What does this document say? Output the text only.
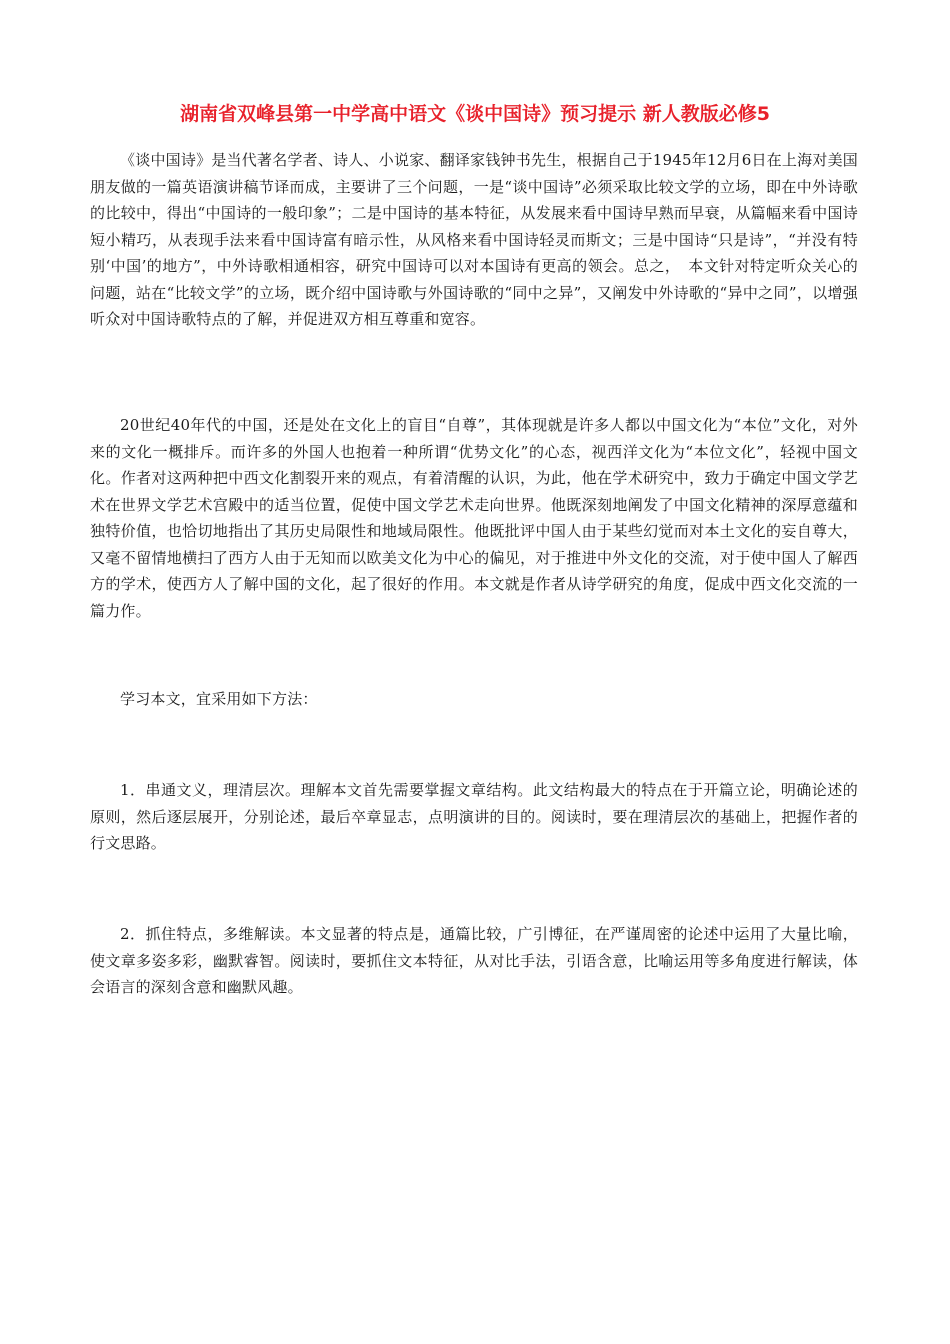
湖南省双峰县第一中学高中语文《谈中国诗》预习提示 新人教版必修5

《谈中国诗》是当代著名学者、诗人、小说家、翻译家钱钟书先生，根据自己于1945年12月6日在上海对美国朋友做的一篇英语演讲稿节译而成，主要讲了三个问题，一是“谈中国诗”必须采取比较文学的立场，即在中外诗歌的比较中，得出“中国诗的一般印象”；二是中国诗的基本特征，从发展来看中国诗早熟而早衰，从篇幅来看中国诗短小精巧，从表现手法来看中国诗富有暗示性，从风格来看中国诗轻灵而斯文；三是中国诗“只是诗”，“并没有特别‘中国’的地方”，中外诗歌相通相容，研究中国诗可以对本国诗有更高的领会。总之，　本文针对特定听众关心的问题，站在“比较文学”的立场，既介绍中国诗歌与外国诗歌的“同中之异”，又阐发中外诗歌的“异中之同”，以增强听众对中国诗歌特点的了解，并促进双方相互尊重和宽容。

20世纪40年代的中国，还是处在文化上的盲目“自尊”，其体现就是许多人都以中国文化为“本位”文化，对外来的文化一概排斥。而许多的外国人也抱着一种所谓“优势文化”的心态，视西洋文化为“本位文化”，轻视中国文化。作者对这两种把中西文化割裂开来的观点，有着清醒的认识，为此，他在学术研究中，致力于确定中国文学艺术在世界文学艺术宫殿中的适当位置，促使中国文学艺术走向世界。他既深刻地阐发了中国文化精神的深厚意蕴和独特价值，也恰切地指出了其历史局限性和地域局限性。他既批评中国人由于某些幻觉而对本土文化的妄自尊大，又毫不留情地横扫了西方人由于无知而以欧美文化为中心的偏见，对于推进中外文化的交流，对于使中国人了解西方的学术，使西方人了解中国的文化，起了很好的作用。本文就是作者从诗学研究的角度，促成中西文化交流的一篇力作。

学习本文，宜采用如下方法：

1．串通文义，理清层次。理解本文首先需要掌握文章结构。此文结构最大的特点在于开篇立论，明确论述的原则，然后逐层展开，分别论述，最后卒章显志，点明演讲的目的。阅读时，要在理清层次的基础上，把握作者的行文思路。

2．抓住特点，多维解读。本文显著的特点是，通篇比较，广引博征，在严谨周密的论述中运用了大量比喻，使文章多姿多彩，幽默睿智。阅读时，要抓住文本特征，从对比手法，引语含意，比喻运用等多角度进行解读，体会语言的深刻含意和幽默风趣。
